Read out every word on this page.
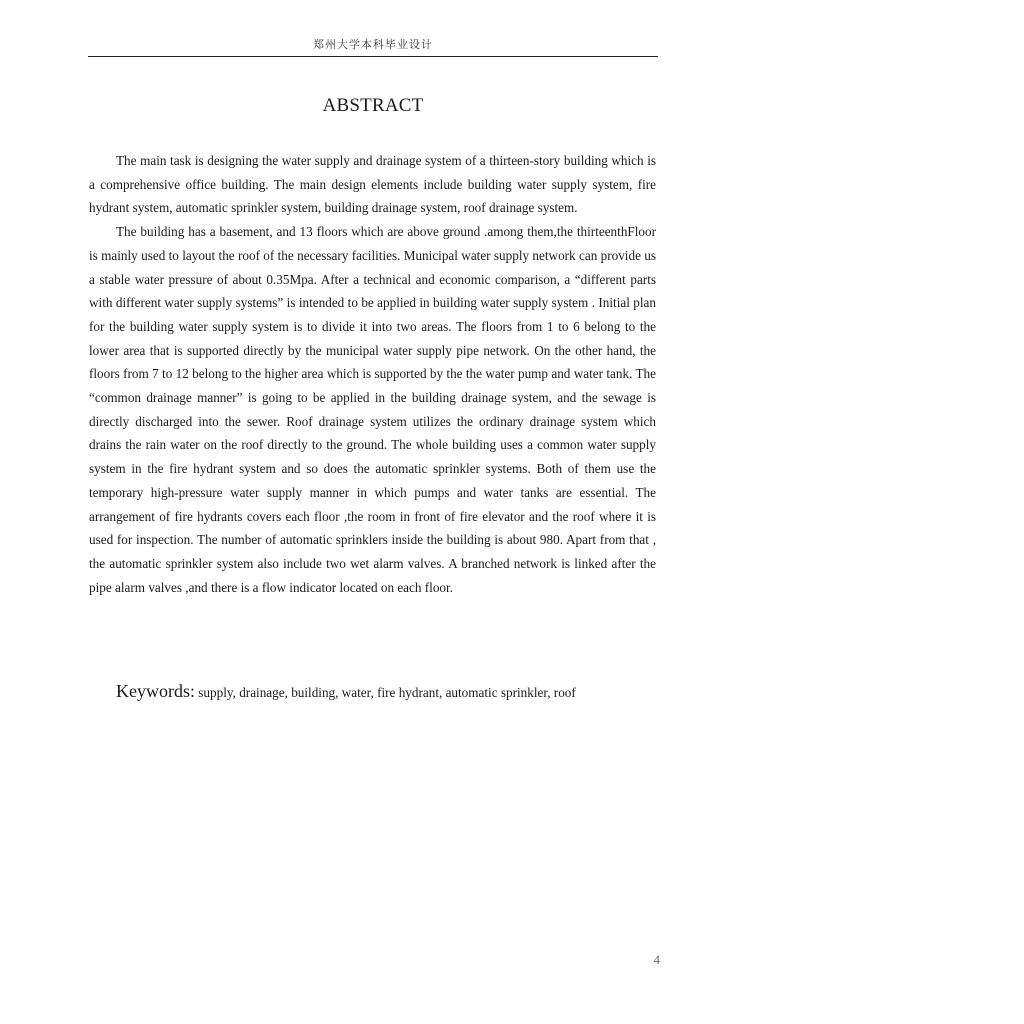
郑州大学本科毕业设计
ABSTRACT

The main task is designing the water supply and drainage system of a thirteen-story building which is a comprehensive office building. The main design elements include building water supply system, fire hydrant system, automatic sprinkler system, building drainage system, roof drainage system.

The building has a basement, and 13 floors which are above ground .among them,the thirteenthFloor is mainly used to layout the roof of the necessary facilities. Municipal water supply network can provide us a stable water pressure of about 0.35Mpa. After a technical and economic comparison, a “different parts with different water supply systems” is intended to be applied in building water supply system . Initial plan for the building water supply system is to divide it into two areas. The floors from 1 to 6 belong to the lower area that is supported directly by the municipal water supply pipe network. On the other hand, the floors from 7 to 12 belong to the higher area which is supported by the the water pump and water tank. The “common drainage manner” is going to be applied in the building drainage system, and the sewage is directly discharged into the sewer. Roof drainage system utilizes the ordinary drainage system which drains the rain water on the roof directly to the ground. The whole building uses a common water supply system in the fire hydrant system and so does the automatic sprinkler systems. Both of them use the temporary high-pressure water supply manner in which pumps and water tanks are essential. The arrangement of fire hydrants covers each floor ,the room in front of fire elevator and the roof where it is used for inspection. The number of automatic sprinklers inside the building is about 980. Apart from that , the automatic sprinkler system also include two wet alarm valves. A branched network is linked after the pipe alarm valves ,and there is a flow indicator located on each floor.

Keywords: supply, drainage, building, water, fire hydrant, automatic sprinkler, roof
4
